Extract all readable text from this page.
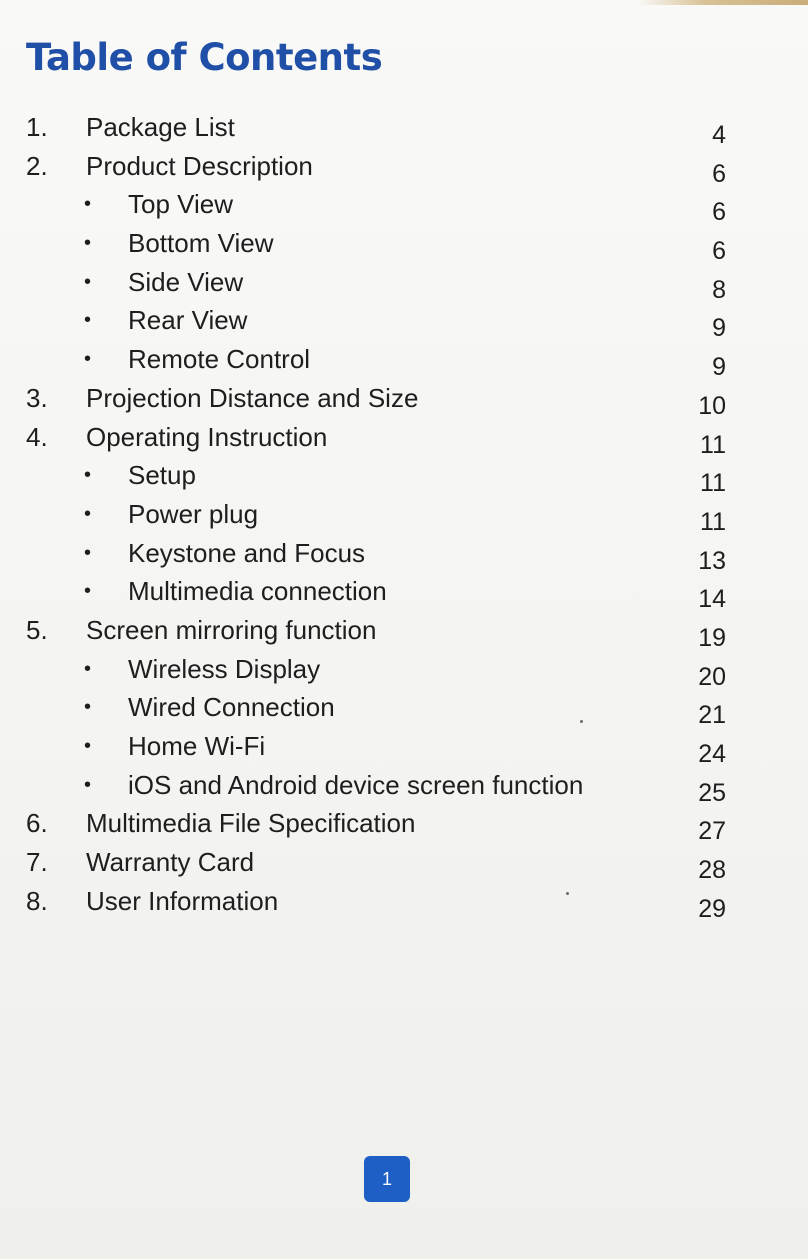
Table of Contents
1. Package List	4
2. Product Description	6
• Top View	6
• Bottom View	6
• Side View	8
• Rear View	9
• Remote Control	9
3. Projection Distance and Size	10
4. Operating Instruction	11
• Setup	11
• Power plug	11
• Keystone and Focus	13
• Multimedia connection	14
5. Screen mirroring function	19
• Wireless Display	20
• Wired Connection	21
• Home Wi-Fi	24
• iOS and Android device screen function	25
6. Multimedia File Specification	27
7. Warranty Card	28
8. User Information	29
1
